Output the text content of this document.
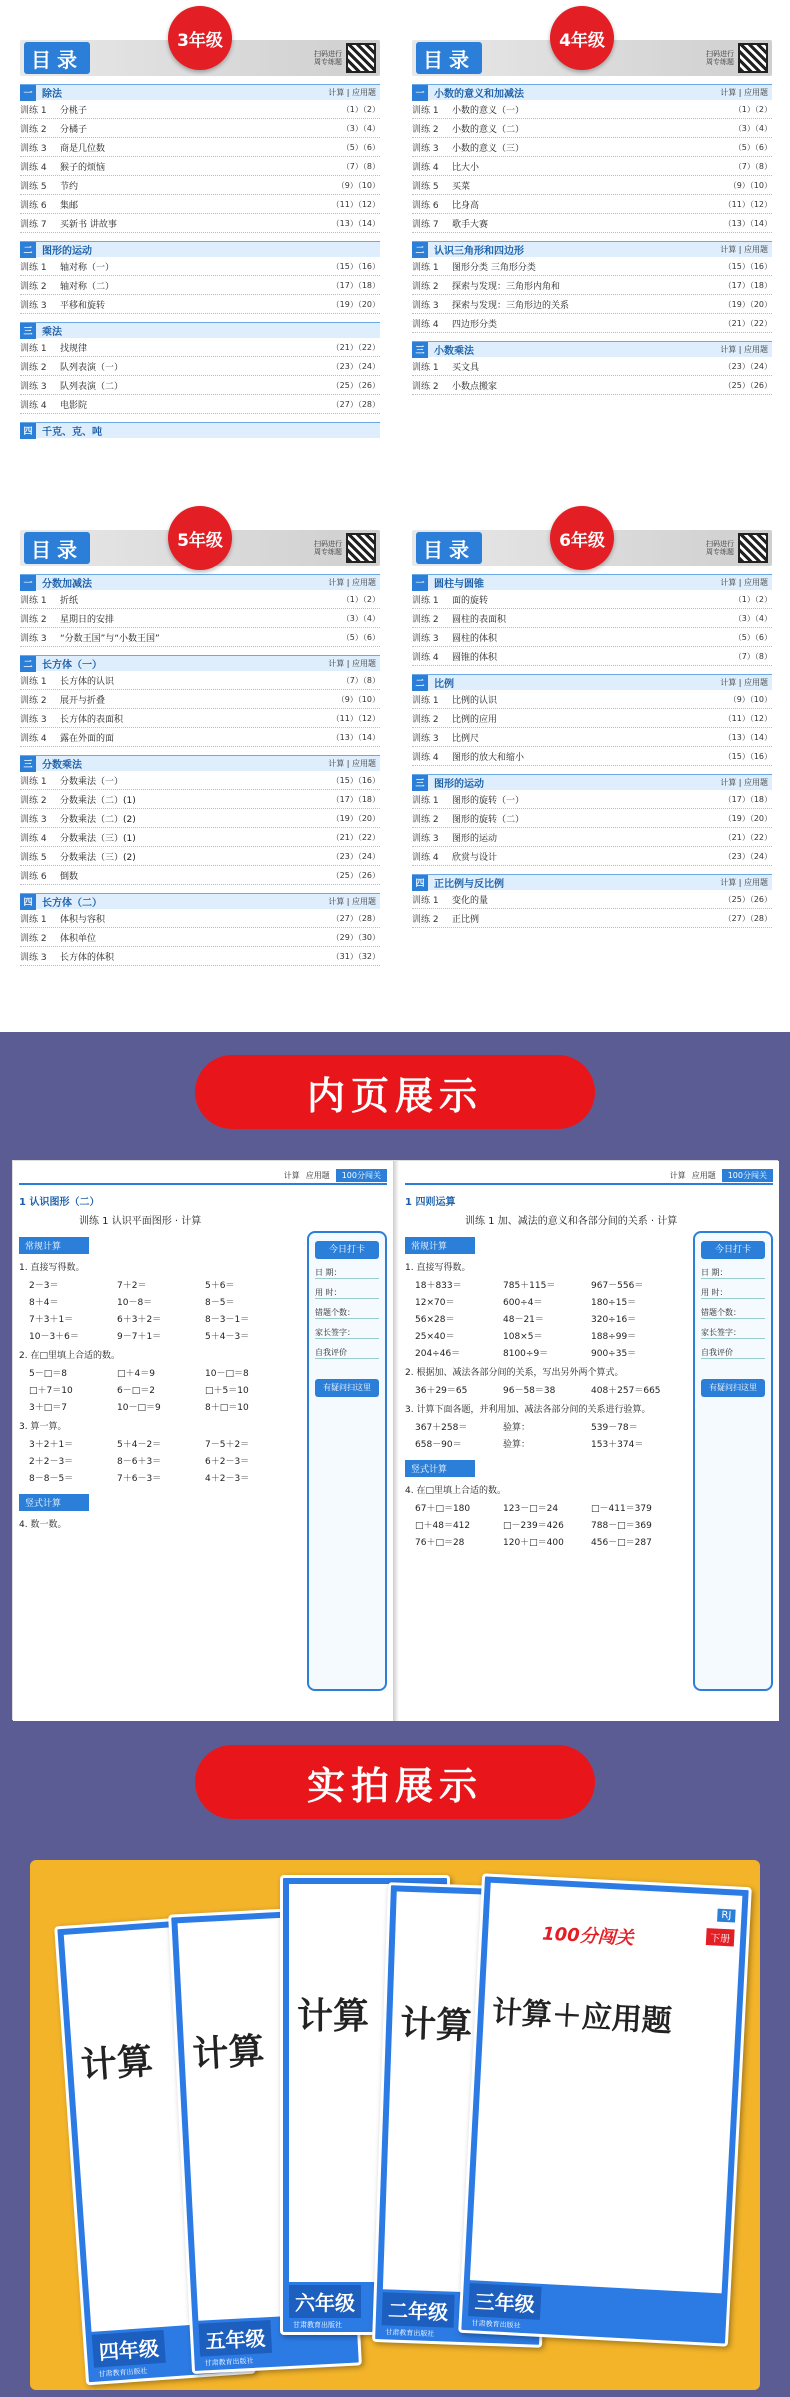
目录	扫码进行
周专练题
一 除法	计算 | 应用题
训练 1	分桃子	（1）（2）
训练 2	分橘子	（3）（4）
训练 3	商是几位数	（5）（6）
训练 4	猴子的烦恼	（7）（8）
训练 5	节约	（9）（10）
训练 6	集邮	（11）（12）
训练 7	买新书 讲故事	（13）（14）
二 图形的运动
训练 1	轴对称（一）	（15）（16）
训练 2	轴对称（二）	（17）（18）
训练 3	平移和旋转	（19）（20）
三 乘法
训练 1	找规律	（21）（22）
训练 2	队列表演（一）	（23）（24）
训练 3	队列表演（二）	（25）（26）
训练 4	电影院	（27）（28）
四 千克、克、吨
3年级
目录	扫码进行
周专练题
一 小数的意义和加减法	计算 | 应用题
训练 1	小数的意义（一）	（1）（2）
训练 2	小数的意义（二）	（3）（4）
训练 3	小数的意义（三）	（5）（6）
训练 4	比大小	（7）（8）
训练 5	买菜	（9）（10）
训练 6	比身高	（11）（12）
训练 7	歌手大赛	（13）（14）
二 认识三角形和四边形	计算 | 应用题
训练 1	图形分类 三角形分类	（15）（16）
训练 2	探索与发现：三角形内角和	（17）（18）
训练 3	探索与发现：三角形边的关系	（19）（20）
训练 4	四边形分类	（21）（22）
三 小数乘法	计算 | 应用题
训练 1	买文具	（23）（24）
训练 2	小数点搬家	（25）（26）
4年级
目录	扫码进行
周专练题
一 分数加减法	计算 | 应用题
训练 1	折纸	（1）（2）
训练 2	星期日的安排	（3）（4）
训练 3	“分数王国”与“小数王国”	（5）（6）
二 长方体（一）	计算 | 应用题
训练 1	长方体的认识	（7）（8）
训练 2	展开与折叠	（9）（10）
训练 3	长方体的表面积	（11）（12）
训练 4	露在外面的面	（13）（14）
三 分数乘法	计算 | 应用题
训练 1	分数乘法（一）	（15）（16）
训练 2	分数乘法（二）(1)	（17）（18）
训练 3	分数乘法（二）(2)	（19）（20）
训练 4	分数乘法（三）(1)	（21）（22）
训练 5	分数乘法（三）(2)	（23）（24）
训练 6	倒数	（25）（26）
四 长方体（二）	计算 | 应用题
训练 1	体积与容积	（27）（28）
训练 2	体积单位	（29）（30）
训练 3	长方体的体积	（31）（32）
5年级	目录	扫码进行
周专练题
一 圆柱与圆锥	计算 | 应用题
训练 1	面的旋转	（1）（2）
训练 2	圆柱的表面积	（3）（4）
训练 3	圆柱的体积	（5）（6）
训练 4	圆锥的体积	（7）（8）
二 比例	计算 | 应用题
训练 1	比例的认识	（9）（10）
训练 2	比例的应用	（11）（12）
训练 3	比例尺	（13）（14）
训练 4	图形的放大和缩小	（15）（16）
三 图形的运动	计算 | 应用题
训练 1	图形的旋转（一）	（17）（18）
训练 2	图形的旋转（二）	（19）（20）
训练 3	图形的运动	（21）（22）
训练 4	欣赏与设计	（23）（24）
四 正比例与反比例	计算 | 应用题
训练 1	变化的量	（25）（26）
训练 2	正比例	（27）（28）
6年级
内页展示
计算 应用题	100分闯关
1 认识图形（二）
训练 1 认识平面图形 · 计算
常规计算
1. 直接写得数。
2－3＝	7＋2＝	5＋6＝
8＋4＝	10－8＝	8－5＝
7＋3＋1＝	6＋3＋2＝	8－3－1＝
10－3＋6＝	9－7＋1＝	5＋4－3＝
2. 在□里填上合适的数。
5－□＝8	□＋4＝9	10－□＝8
□＋7＝10	6－□＝2	□＋5＝10
3＋□＝7	10－□＝9	8＋□＝10
3. 算一算。
3＋2＋1＝	5＋4－2＝	7－5＋2＝
2＋2－3＝	8－6＋3＝	6＋2－3＝
8－8－5＝	7＋6－3＝	4＋2－3＝
竖式计算
4. 数一数。
今日打卡
日 期：
用 时：
错题个数：
家长签字：
自我评价
有疑问扫这里
计算 应用题	100分闯关
1 四则运算
训练 1 加、减法的意义和各部分间的关系 · 计算
常规计算
1. 直接写得数。
18＋833＝	785＋115＝	967－556＝
12×70＝	600÷4＝	180÷15＝
56×28＝	48－21＝	320÷16＝
25×40＝	108×5＝	188÷99＝
204÷46＝	8100÷9＝	900÷35＝
2. 根据加、减法各部分间的关系，写出另外两个算式。
36＋29＝65	96－58＝38	408＋257＝665
3. 计算下面各题，并利用加、减法各部分间的关系进行验算。
367＋258＝	验算：	539－78＝
658－90＝	验算：	153＋374＝
竖式计算
4. 在□里填上合适的数。
67＋□＝180	123－□＝24	□－411＝379
□＋48＝412	□－239＝426	788－□＝369
76＋□＝28	120＋□＝400	456－□＝287
今日打卡
日 期：
用 时：
错题个数：
家长签字：
自我评价
有疑问扫这里
实拍展示
计算
四年级
甘肃教育出版社
计算
五年级
甘肃教育出版社
计算
六年级
甘肃教育出版社
计算
二年级
甘肃教育出版社
计算＋应用题
100分闯关
RJ
下册
三年级
甘肃教育出版社
